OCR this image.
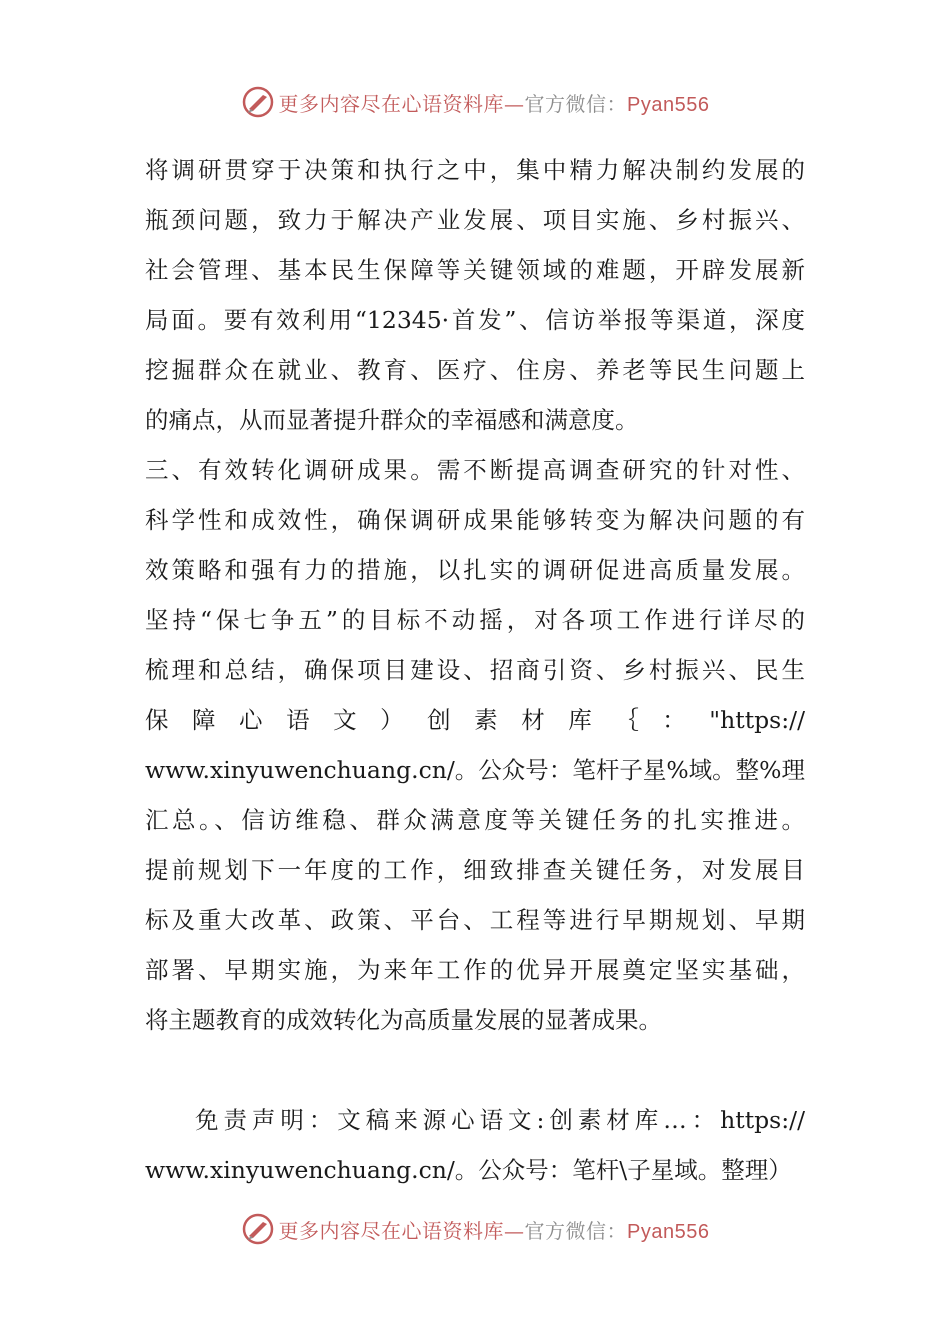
更多内容尽在心语资料库—官方微信：Pyan556
将调研贯穿于决策和执行之中，集中精力解决制约发展的
瓶颈问题，致力于解决产业发展、项目实施、乡村振兴、
社会管理、基本民生保障等关键领域的难题，开辟发展新
局面。要有效利用“12345·首发”、信访举报等渠道，深度
挖掘群众在就业、教育、医疗、住房、养老等民生问题上
的痛点，从而显著提升群众的幸福感和满意度。
三、有效转化调研成果。需不断提高调查研究的针对性、
科学性和成效性，确保调研成果能够转变为解决问题的有
效策略和强有力的措施，以扎实的调研促进高质量发展。
坚持“保七争五”的目标不动摇，对各项工作进行详尽的
梳理和总结，确保项目建设、招商引资、乡村振兴、民生
保 障 心 语 文 ） 创 素 材 库 ｛ ： "https://
www.xinyuwenchuang.cn/。公众号：笔杆子星%域。整%理
汇总。、信访维稳、群众满意度等关键任务的扎实推进。
提前规划下一年度的工作，细致排查关键任务，对发展目
标及重大改革、政策、平台、工程等进行早期规划、早期
部署、早期实施，为来年工作的优异开展奠定坚实基础，
将主题教育的成效转化为高质量发展的显著成果。
免责声明：文稿来源心语文:创素材库…：https://
www.xinyuwenchuang.cn/。公众号：笔杆\子星域。整理）
更多内容尽在心语资料库—官方微信：Pyan556
